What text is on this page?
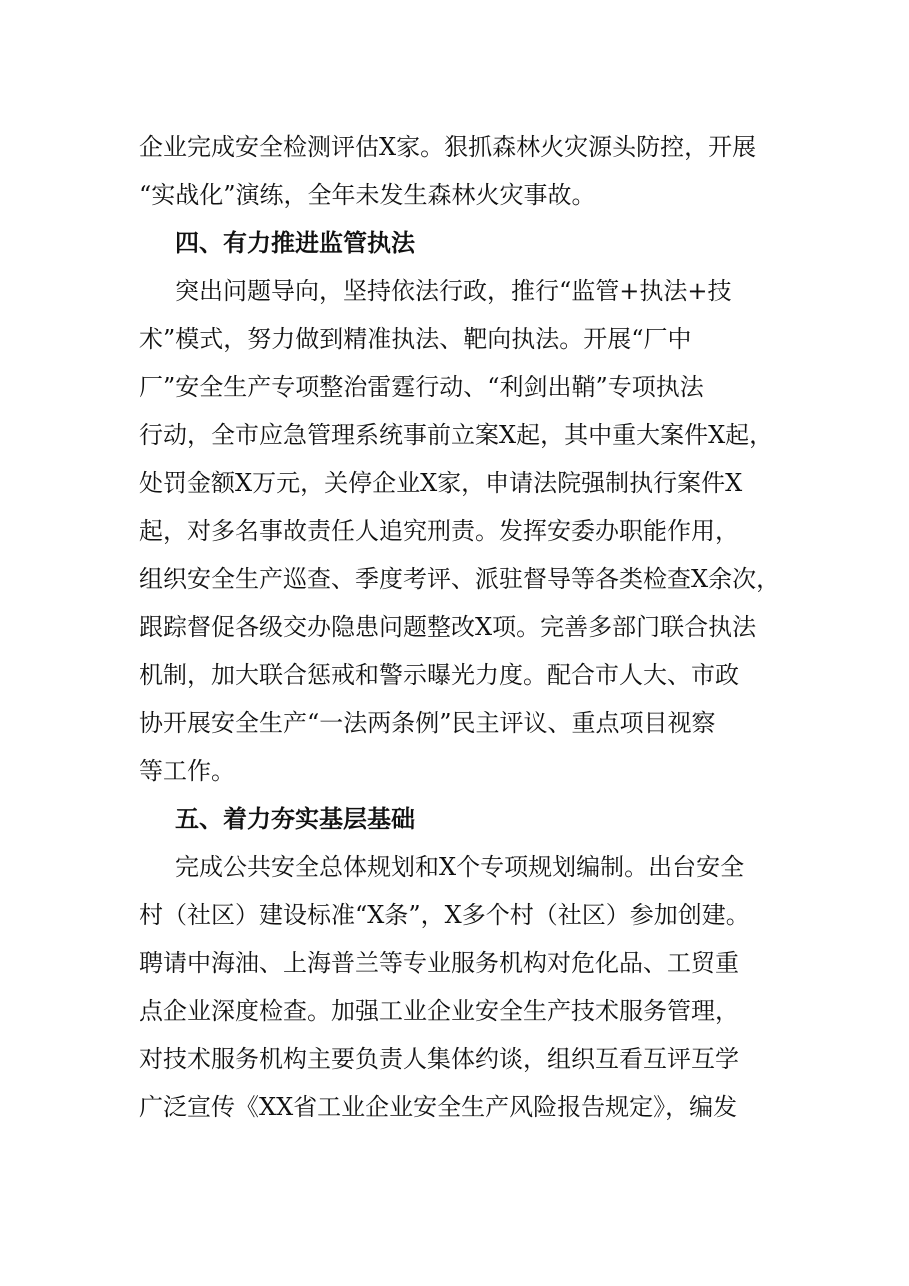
企业完成安全检测评估X家。狠抓森林火灾源头防控，开展
“实战化”演练，全年未发生森林火灾事故。
四、有力推进监管执法
突出问题导向，坚持依法行政，推行“监管+执法+技
术”模式，努力做到精准执法、靶向执法。开展“厂中
厂”安全生产专项整治雷霆行动、“利剑出鞘”专项执法
行动，全市应急管理系统事前立案X起，其中重大案件X起，
处罚金额X万元，关停企业X家，申请法院强制执行案件X
起，对多名事故责任人追究刑责。发挥安委办职能作用，
组织安全生产巡查、季度考评、派驻督导等各类检查X余次，
跟踪督促各级交办隐患问题整改X项。完善多部门联合执法
机制，加大联合惩戒和警示曝光力度。配合市人大、市政
协开展安全生产“一法两条例”民主评议、重点项目视察
等工作。
五、着力夯实基层基础
完成公共安全总体规划和X个专项规划编制。出台安全
村（社区）建设标准“X条”，X多个村（社区）参加创建。
聘请中海油、上海普兰等专业服务机构对危化品、工贸重
点企业深度检查。加强工业企业安全生产技术服务管理，
对技术服务机构主要负责人集体约谈，组织互看互评互学
广泛宣传《XX省工业企业安全生产风险报告规定》，编发
